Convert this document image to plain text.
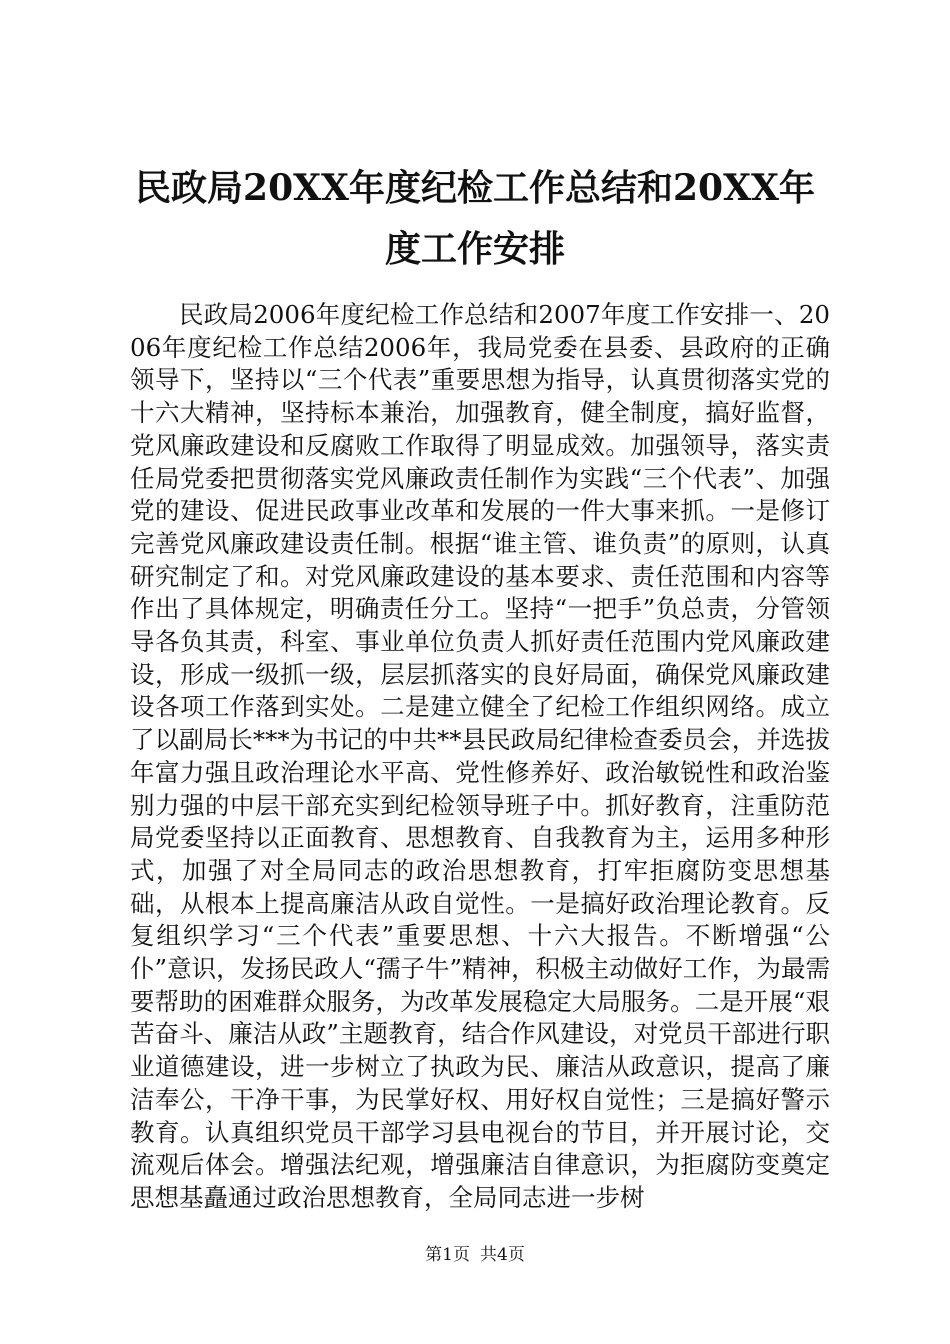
民政局20XX年度纪检工作总结和20XX年度工作安排

民政局2006年度纪检工作总结和2007年度工作安排一、2006年度纪检工作总结2006年，我局党委在县委、县政府的正确领导下，坚持以“三个代表”重要思想为指导，认真贯彻落实党的十六大精神，坚持标本兼治，加强教育，健全制度，搞好监督，党风廉政建设和反腐败工作取得了明显成效。加强领导，落实责任局党委把贯彻落实党风廉政责任制作为实践“三个代表”、加强党的建设、促进民政事业改革和发展的一件大事来抓。一是修订完善党风廉政建设责任制。根据“谁主管、谁负责”的原则，认真研究制定了和。对党风廉政建设的基本要求、责任范围和内容等作出了具体规定，明确责任分工。坚持“一把手”负总责，分管领导各负其责，科室、事业单位负责人抓好责任范围内党风廉政建设，形成一级抓一级，层层抓落实的良好局面，确保党风廉政建设各项工作落到实处。二是建立健全了纪检工作组织网络。成立了以副局长***为书记的中共**县民政局纪律检查委员会，并选拔年富力强且政治理论水平高、党性修养好、政治敏锐性和政治鉴别力强的中层干部充实到纪检领导班子中。抓好教育，注重防范局党委坚持以正面教育、思想教育、自我教育为主，运用多种形式，加强了对全局同志的政治思想教育，打牢拒腐防变思想基础，从根本上提高廉洁从政自觉性。一是搞好政治理论教育。反复组织学习“三个代表”重要思想、十六大报告。不断增强“公仆”意识，发扬民政人“孺子牛”精神，积极主动做好工作，为最需要帮助的困难群众服务，为改革发展稳定大局服务。二是开展“艰苦奋斗、廉洁从政”主题教育，结合作风建设，对党员干部进行职业道德建设，进一步树立了执政为民、廉洁从政意识，提高了廉洁奉公，干净干事，为民掌好权、用好权自觉性；三是搞好警示教育。认真组织党员干部学习县电视台的节目，并开展讨论，交流观后体会。增强法纪观，增强廉洁自律意识，为拒腐防变奠定思想基矗通过政治思想教育，全局同志进一步树

第1页 共4页
